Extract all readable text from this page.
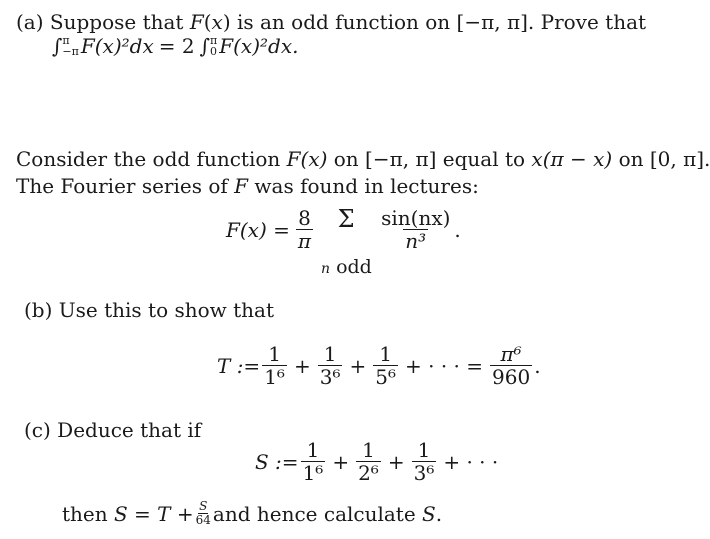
(a) Suppose that F(x) is an odd function on [−π, π]. Prove that
∫ π
−π F(x)²dx = 2 ∫ π
0 F(x)²dx.
Consider the odd function F(x) on [−π, π] equal to x(π − x) on [0, π].
The Fourier series of F was found in lectures:
$F(x) = \frac{8}{\pi}$ Σ $\frac{\sin(nx)}{\text{n³}}$ .
n odd
(b) Use this to show that
T := $\frac{1}{\text{1⁶}} + \frac{1}{\text{3⁶}} + \frac{1}{\text{5⁶}}$ + · · · = $\frac{\text{π⁶}}{960}$ .
(c) Deduce that if
S := $\frac{1}{\text{1⁶}} + \frac{1}{\text{2⁶}} + \frac{1}{\text{3⁶}}$ + · · ·
then
$S = T + \frac{S}{64}$ and hence calculate
S .
